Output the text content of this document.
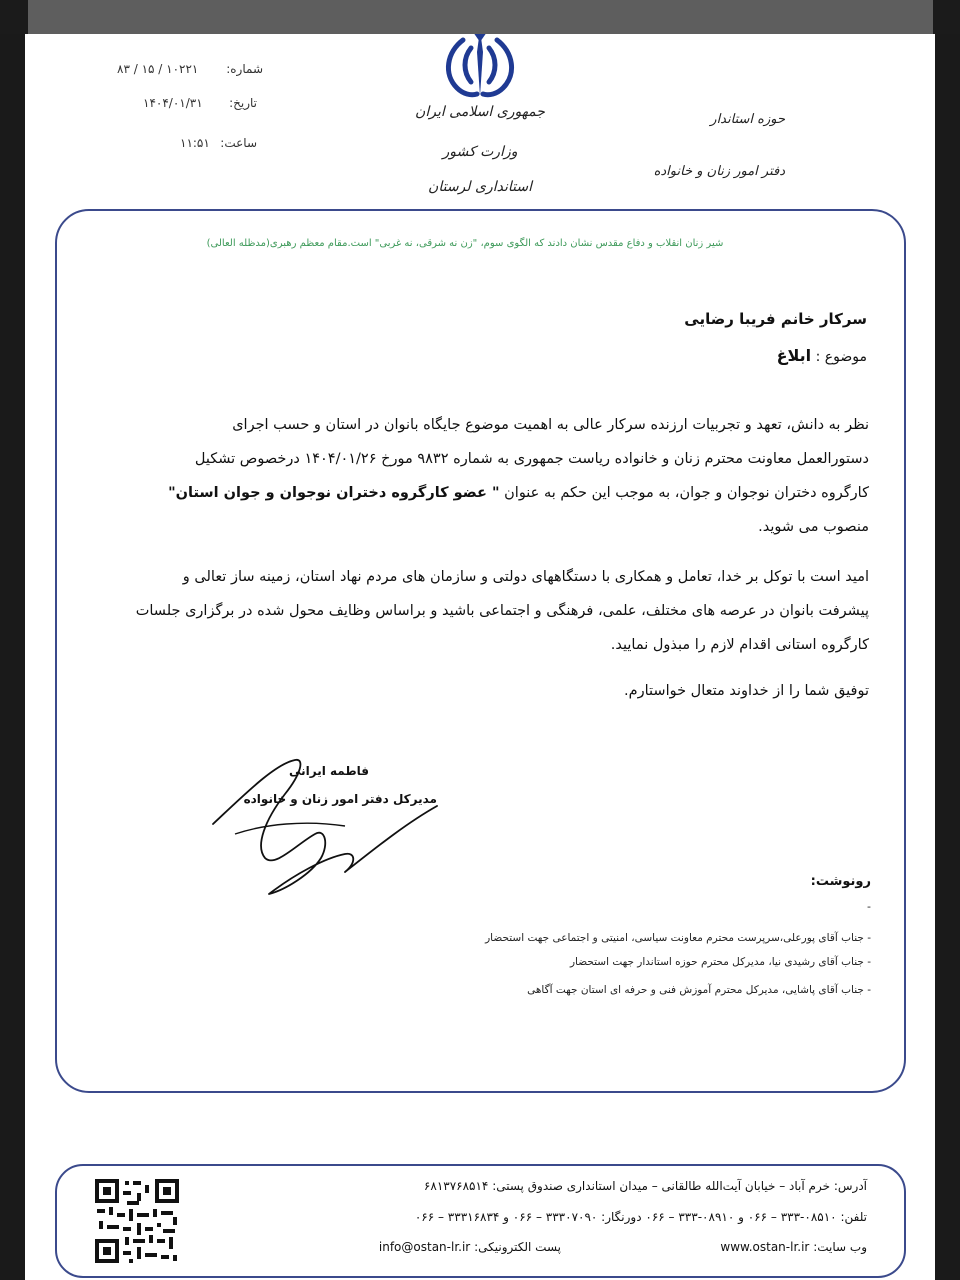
شماره:
۸۳ / ۱۵ / ۱۰۲۲۱
تاریخ:
۱۴۰۴/۰۱/۳۱
ساعت:
۱۱:۵۱
جمهوری اسلامی ایران
وزارت کشور
استانداری لرستان
حوزه استاندار
دفتر امور زنان و خانواده
شیر زنان انقلاب و دفاع مقدس نشان دادند که الگوی سوم، "زن نه شرقی، نه غربی" است.مقام معظم رهبری(مدظله العالی)
سرکار خانم فریبا رضایی
موضوع : ابلاغ
نظر به دانش، تعهد و تجربیات ارزنده سرکار عالی به اهمیت موضوع جایگاه بانوان در استان و حسب اجرای
دستورالعمل معاونت محترم زنان و خانواده ریاست جمهوری به شماره ۹۸۳۲ مورخ ۱۴۰۴/۰۱/۲۶ درخصوص تشکیل
کارگروه دختران نوجوان و جوان، به موجب این حکم به عنوان " عضو کارگروه دختران نوجوان و جوان استان"
منصوب می شوید.
امید است با توکل بر خدا، تعامل و همکاری با دستگاههای دولتی و سازمان های مردم نهاد استان، زمینه ساز تعالی و
پیشرفت بانوان در عرصه های مختلف، علمی، فرهنگی و اجتماعی باشید و براساس وظایف محول شده در برگزاری جلسات
کارگروه استانی اقدام لازم را مبذول نمایید.
توفیق شما را از خداوند متعال خواستارم.
فاطمه ایرانی
مدیرکل دفتر امور زنان و خانواده
رونوشت:
-
- جناب آقای پورعلی،سرپرست محترم معاونت سیاسی، امنیتی و اجتماعی جهت استحضار
- جناب آقای رشیدی نیا، مدیرکل محترم حوزه استاندار جهت استحضار
- جناب آقای پاشایی، مدیرکل محترم آموزش فنی و حرفه ای استان جهت آگاهی
آدرس: خرم آباد – خیابان آیت‌الله طالقانی – میدان استانداری صندوق پستی: ۶۸۱۳۷۶۸۵۱۴
تلفن: ۰۸۵۱۰-۳۳۳ – ۰۶۶ و ۰۸۹۱۰-۳۳۳ – ۰۶۶ دورنگار: ۳۳۳۰۷۰۹۰ – ۰۶۶ و ۳۳۳۱۶۸۳۴ – ۰۶۶
وب سایت: www.ostan-lr.ir
پست الکترونیکی: info@ostan-lr.ir
